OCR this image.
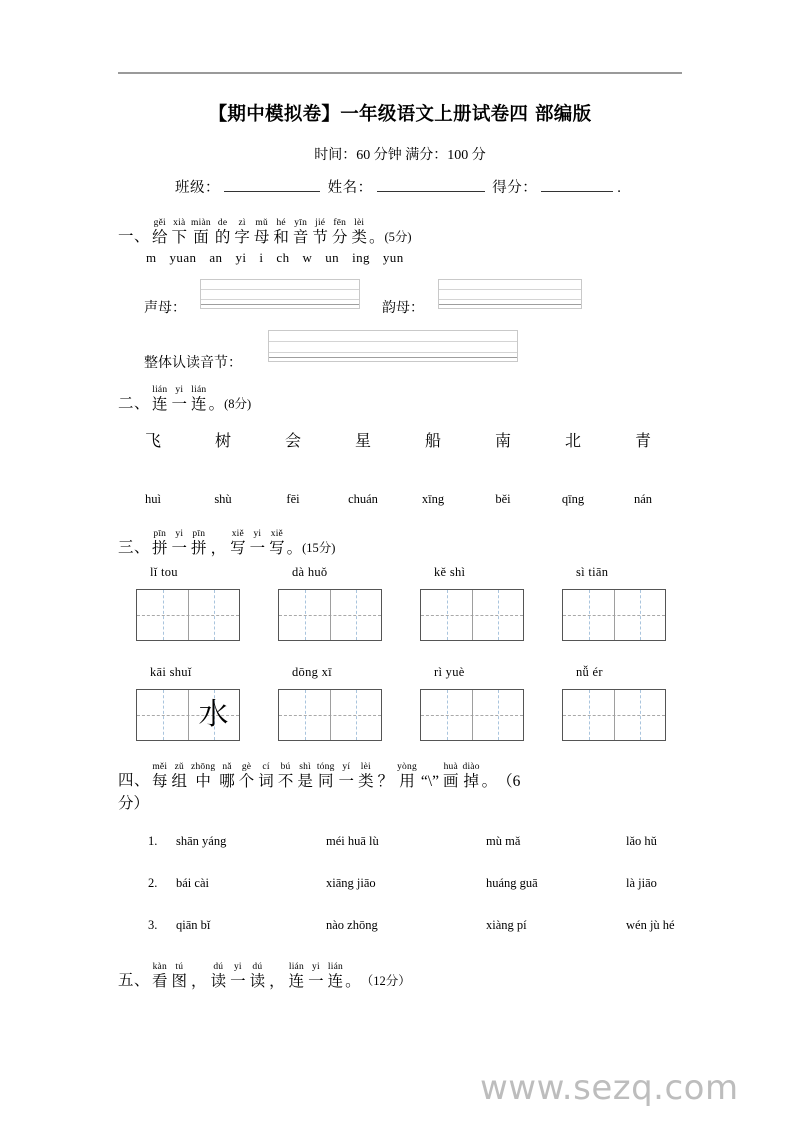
【期中模拟卷】一年级语文上册试卷四 部编版
时间：60 分钟 满分：100 分
班级：	姓名：	得分：	.
一、
gěi
给
xià
下
miàn
面
de
的
zì
字
mǔ
母
hé
和
yīn
音
jié
节
fēn
分
lèi
类 。(5分)
m yuan an yi i ch w un ing yun
声母：	韵母：
整体认读音节：
二、
lián
连
yi
一
lián
连 。(8分)
飞	树	会	星	船	南	北	青
huì	shù	fēi	chuán	xīng	běi	qīng	nán
三、
pīn
拼
yi
一
pīn
拼 ，
xiě
写
yi
一
xiě
写 。(15分)
lǐ tou	dà huǒ	kě shì	sì tiān
kāi shuǐ	dōng xī	rì yuè	nǚ ér
水
四、
měi
每
zǔ
组
zhōng
中
nǎ
哪
gè
个
cí
词
bú
不
shì
是
tóng
同
yí
一
lèi
类 ？
yòng
用 “\”
huà
画
diào
掉 。（6
分）
1. shān yáng	méi huā lù	mù mǎ	lǎo hǔ
2. bái cài	xiāng jiāo	huáng guā	là jiāo
3. qiān bǐ	nào zhōng	xiàng pí	wén jù hé
五、
kàn
看
tú
图 ，
dú
读
yi
一
dú
读 ，
lián
连
yi
一
lián
连 。（12分）
www.sezq.com
